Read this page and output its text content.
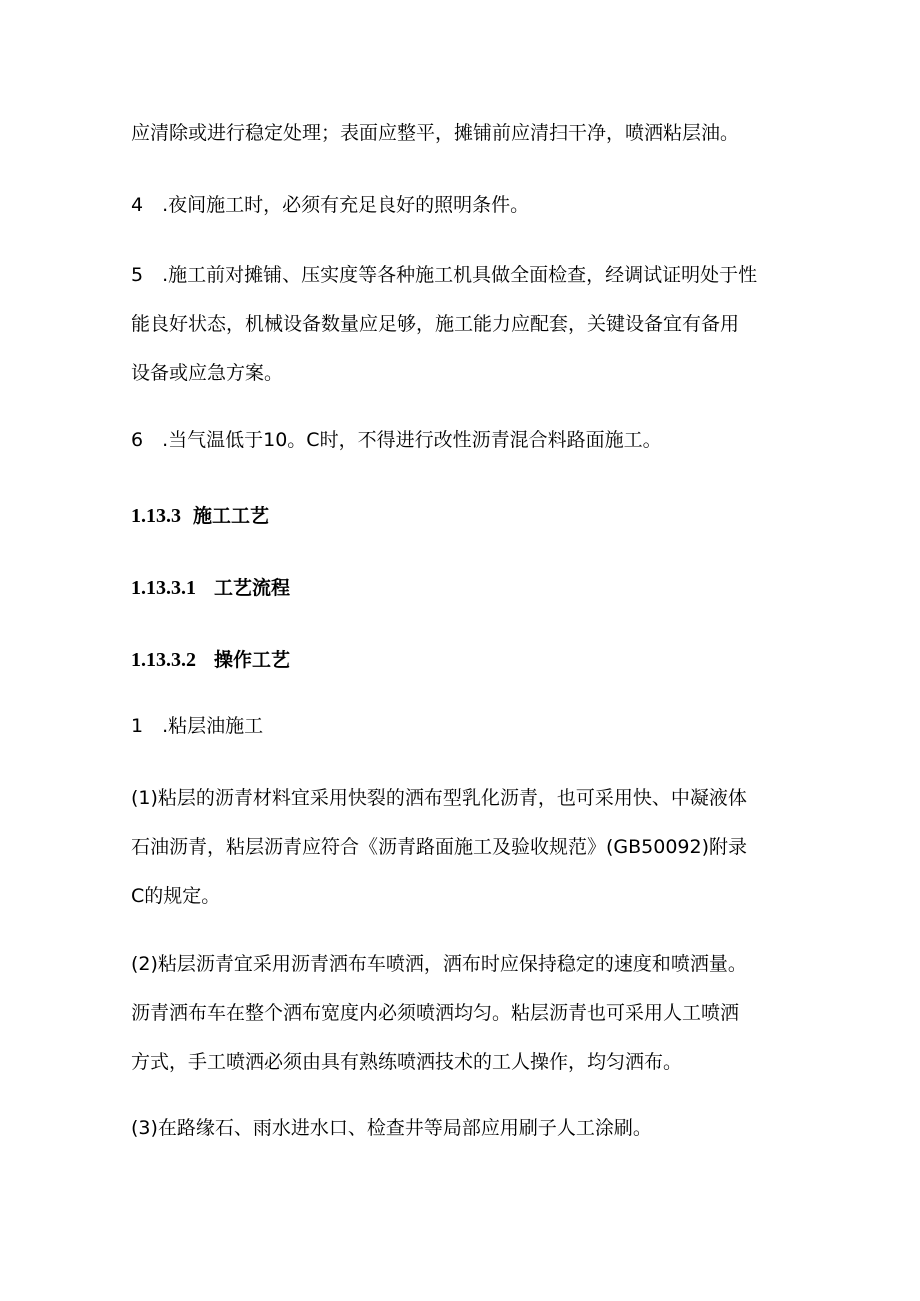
应清除或进行稳定处理；表面应整平，摊铺前应清扫干净，喷洒粘层油。

4　.夜间施工时，必须有充足良好的照明条件。

5　.施工前对摊铺、压实度等各种施工机具做全面检查，经调试证明处于性
能良好状态，机械设备数量应足够，施工能力应配套，关键设备宜有备用
设备或应急方案。

6　.当气温低于10。C时，不得进行改性沥青混合料路面施工。

1.13.3 施工工艺
1.13.3.1 工艺流程
1.13.3.2 操作工艺

1　.粘层油施工

(1)粘层的沥青材料宜采用快裂的洒布型乳化沥青，也可采用快、中凝液体
石油沥青，粘层沥青应符合《沥青路面施工及验收规范》(GB50092)附录
C的规定。

(2)粘层沥青宜采用沥青洒布车喷洒，洒布时应保持稳定的速度和喷洒量。
沥青洒布车在整个洒布宽度内必须喷洒均匀。粘层沥青也可采用人工喷洒
方式，手工喷洒必须由具有熟练喷洒技术的工人操作，均匀洒布。

(3)在路缘石、雨水进水口、检查井等局部应用刷子人工涂刷。
